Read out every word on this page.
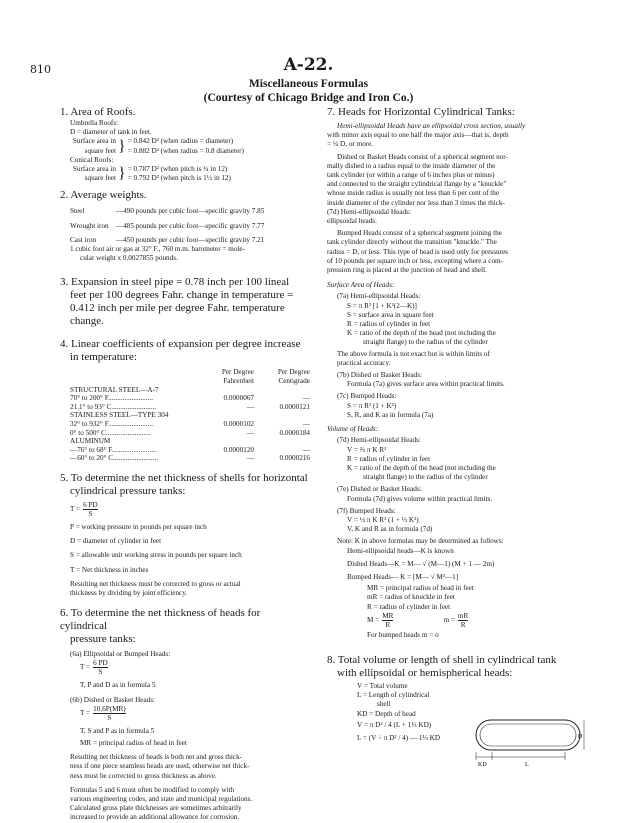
810	A-22.
Miscellaneous Formulas
(Courtesy of Chicago Bridge and Iron Co.)
1. Area of Roofs.
Umbrella Roofs:
D = diameter of tank in feet.
Surface area in
square feet } = 0.842 D² (when radius = diameter)
= 0.882 D² (when radius = 0.8 diameter)
Conical Roofs:
Surface area in
square feet } = 0.787 D² (when pitch is ¾ in 12)
= 0.792 D² (when pitch is 1½ in 12)
2. Average weights.
Steel	—490 pounds per cubic foot—specific gravity 7.85
Wrought iron	—485 pounds per cubic foot—specific gravity 7.77
Cast iron	—450 pounds per cubic foot—specific gravity 7.21
1 cubic foot air or gas at 32° F., 760 m.m. barometer = mole-
cular weight x 0.0027855 pounds.
3. Expansion in steel pipe = 0.78 inch per 100 lineal
feet per 100 degrees Fahr. change in temperature =
0.412 inch per mile per degree Fahr. temperature
change.
4. Linear coefficients of expansion per degree increase
in temperature:
	Per Degree	Per Degree
	Fahrenheit	Centigrade
STRUCTURAL STEEL—A-7		
70° to 200° F.........................	0.0000067	—
21.1° to 93° C.........................	—	0.0000121
STAINLESS STEEL—TYPE 304		
32° to 932° F.........................	0.0000102	—
0° to 500° C.........................	—	0.0000184
ALUMINUM		
—76° to 68° F.........................	0.0000120	—
—60° to 20° C.........................	—	0.0000216
5. To determine the net thickness of shells for horizontal
cylindrical pressure tanks:
$T = \frac{6 PD}{S}$
P = working pressure in pounds per square inch
D = diameter of cylinder in feet
S = allowable unit working stress in pounds per square inch
T = Net thickness in inches
Resulting net thickness must be corrected to gross or actual
thickness by dividing by joint efficiency.
6. To determine the net thickness of heads for cylindrical
pressure tanks:
(6a) Ellipsoidal or Bumped Heads:
$T = \frac{6 PD}{S}$
T, P and D as in formula 5
(6b) Dished or Basket Heads:
$T = \frac{10.6P(MR)}{S}$
T, S and P as in formula 5
MR = principal radius of head in feet
Resulting net thickness of heads is both net and gross thick-
ness if one piece seamless heads are used, otherwise net thick-
ness must be corrected to gross thickness as above.
Formulas 5 and 6 must often be modified to comply with
various engineering codes, and state and municipal regulations.
Calculated gross plate thicknesses are sometimes arbitrarily
increased to provide an additional allowance for corrosion.
7. Heads for Horizontal Cylindrical Tanks:
Hemi-ellipsoidal Heads have an ellipsoidal cross section, usually
with minor axis equal to one half the major axis—that is, depth
= ¼ D, or more.
Dished or Basket Heads consist of a spherical segment nor-
mally dished to a radius equal to the inside diameter of the
tank cylinder (or within a range of 6 inches plus or minus)
and connected to the straight cylindrical flange by a "knuckle"
whose inside radius is usually not less than 6 per cent of the
inside diameter of the cylinder nor less than 3 times the thick-
(7d) Hemi-ellipsoidal Heads:
ellipsoidal heads.
Bumped Heads consist of a spherical segment joining the
tank cylinder directly without the transition "knuckle." The
radius = D, or less. This type of head is used only for pressures
of 10 pounds per square inch or less, excepting where a com-
pression ring is placed at the junction of head and shell.
Surface Area of Heads:
(7a) Hemi-ellipsoidal Heads:
S = π R² [1 + K²(2—K)]
S = surface area in square feet
R = radius of cylinder in feet
K = ratio of the depth of the head (not including the
straight flange) to the radius of the cylinder
The above formula is not exact but is within limits of
practical accuracy.
(7b) Dished or Basket Heads:
Formula (7a) gives surface area within practical limits.
(7c) Bumped Heads:
S = π R² (1 + K²)
S, R, and K as in formula (7a)
Volume of Heads:
(7d) Hemi-ellipsoidal Heads:
V = ⅔ π K R³
R = radius of cylinder in feet
K = ratio of the depth of the head (not including the
straight flange) to the radius of the cylinder
(7e) Dished or Basket Heads:
Formula (7d) gives volume within practical limits.
(7f) Bumped Heads:
V = ½ π K R³ (1 + ⅓ K²)
V, K and R as in formula (7d)
Note: K in above formulas may be determined as follows:
Hemi-ellipsoidal heads—K is known
Dished Heads—K = M— √ (M—1) (M + 1 — 2m)
Bumped Heads— K = [M— √ M²—1]
MR = principal radius of head in feet
mR = radius of knuckle in feet
R = radius of cylinder in feet
$M = \frac{MR}{R}$	$m = \frac{mR}{R}$
For bumped heads m = o
8. Total volume or length of shell in cylindrical tank
with ellipsoidal or hemispherical heads:
V = Total volume
L = Length of cylindrical
shell
KD = Depth of head
V = π D² / 4 (L + 1⅓ KD)
L = (V ÷ π D² / 4) — 1⅓ KD
KD	L
D
